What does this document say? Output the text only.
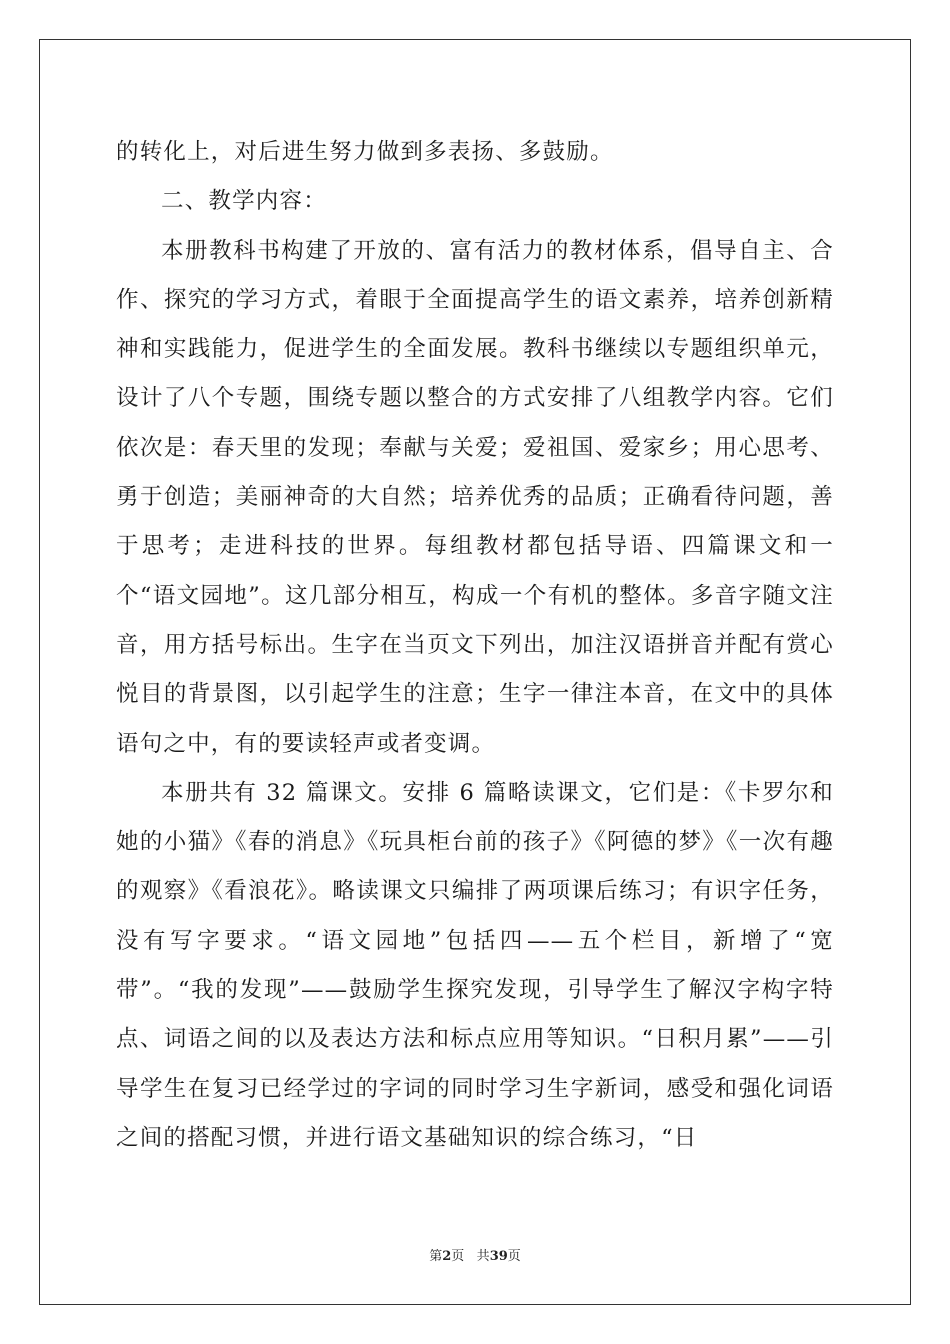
的转化上，对后进生努力做到多表扬、多鼓励。

二、教学内容：

本册教科书构建了开放的、富有活力的教材体系，倡导自主、合作、探究的学习方式，着眼于全面提高学生的语文素养，培养创新精神和实践能力，促进学生的全面发展。教科书继续以专题组织单元，设计了八个专题，围绕专题以整合的方式安排了八组教学内容。它们依次是：春天里的发现；奉献与关爱；爱祖国、爱家乡；用心思考、勇于创造；美丽神奇的大自然；培养优秀的品质；正确看待问题，善于思考；走进科技的世界。每组教材都包括导语、四篇课文和一个“语文园地”。这几部分相互，构成一个有机的整体。多音字随文注音，用方括号标出。生字在当页文下列出，加注汉语拼音并配有赏心悦目的背景图，以引起学生的注意；生字一律注本音，在文中的具体语句之中，有的要读轻声或者变调。

本册共有 32 篇课文。安排 6 篇略读课文，它们是：《卡罗尔和她的小猫》《春的消息》《玩具柜台前的孩子》《阿德的梦》《一次有趣的观察》《看浪花》。略读课文只编排了两项课后练习；有识字任务，没有写字要求。“语文园地”包括四——五个栏目，新增了“宽带”。“我的发现”——鼓励学生探究发现，引导学生了解汉字构字特点、词语之间的以及表达方法和标点应用等知识。“日积月累”——引导学生在复习已经学过的字词的同时学习生字新词，感受和强化词语之间的搭配习惯，并进行语文基础知识的综合练习，“日

第2页 共39页
